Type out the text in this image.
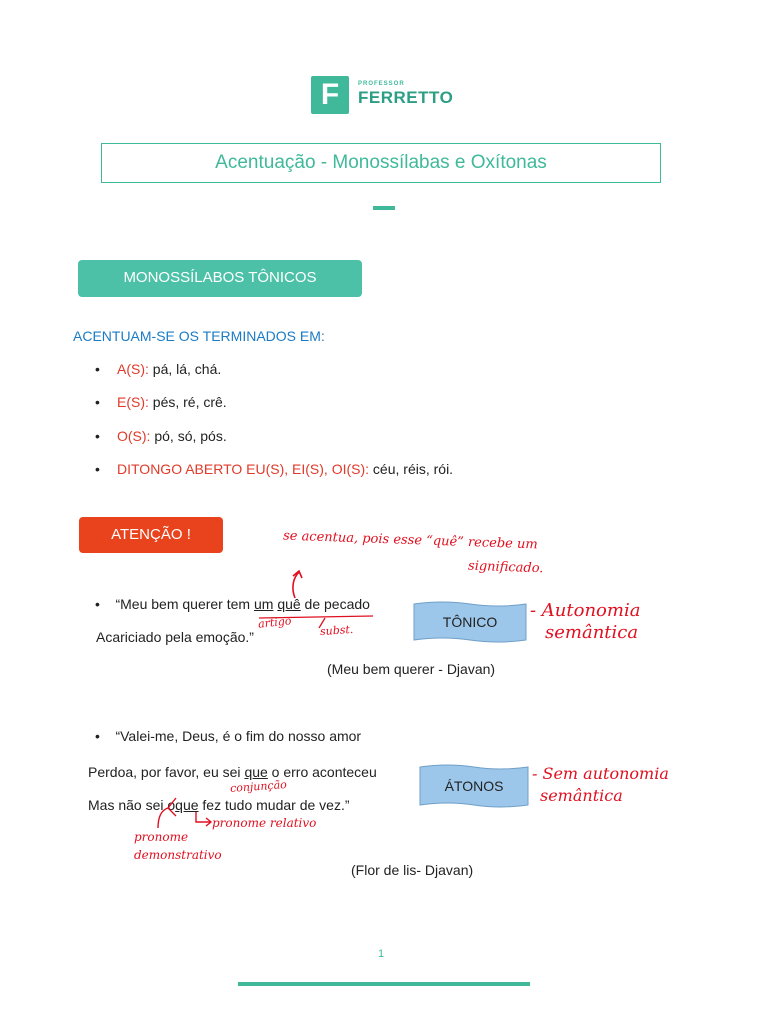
F	PROFESSOR
FERRETTO
Acentuação - Monossílabas e Oxítonas
MONOSSÍLABOS TÔNICOS
ACENTUAM-SE OS TERMINADOS EM:
• A(S): pá, lá, chá.
• E(S): pés, ré, crê.
• O(S): pó, só, pós.
• DITONGO ABERTO EU(S), EI(S), OI(S): céu, réis, rói.
ATENÇÃO !	se acentua, pois esse “quê” recebe um
significado.
•    “Meu bem querer tem um quê de pecado
artigo	subst.
Acariciado pela emoção.”
TÔNICO
- Autonomia
semântica
(Meu bem querer - Djavan)
•    “Valei-me, Deus, é o fim do nosso amor
Perdoa, por favor, eu sei que o erro aconteceu
conjunção
Mas não sei oque fez tudo mudar de vez.”
pronome relativo
pronome
demonstrativo
ÁTONOS
- Sem autonomia
semântica
(Flor de lis- Djavan)
1
